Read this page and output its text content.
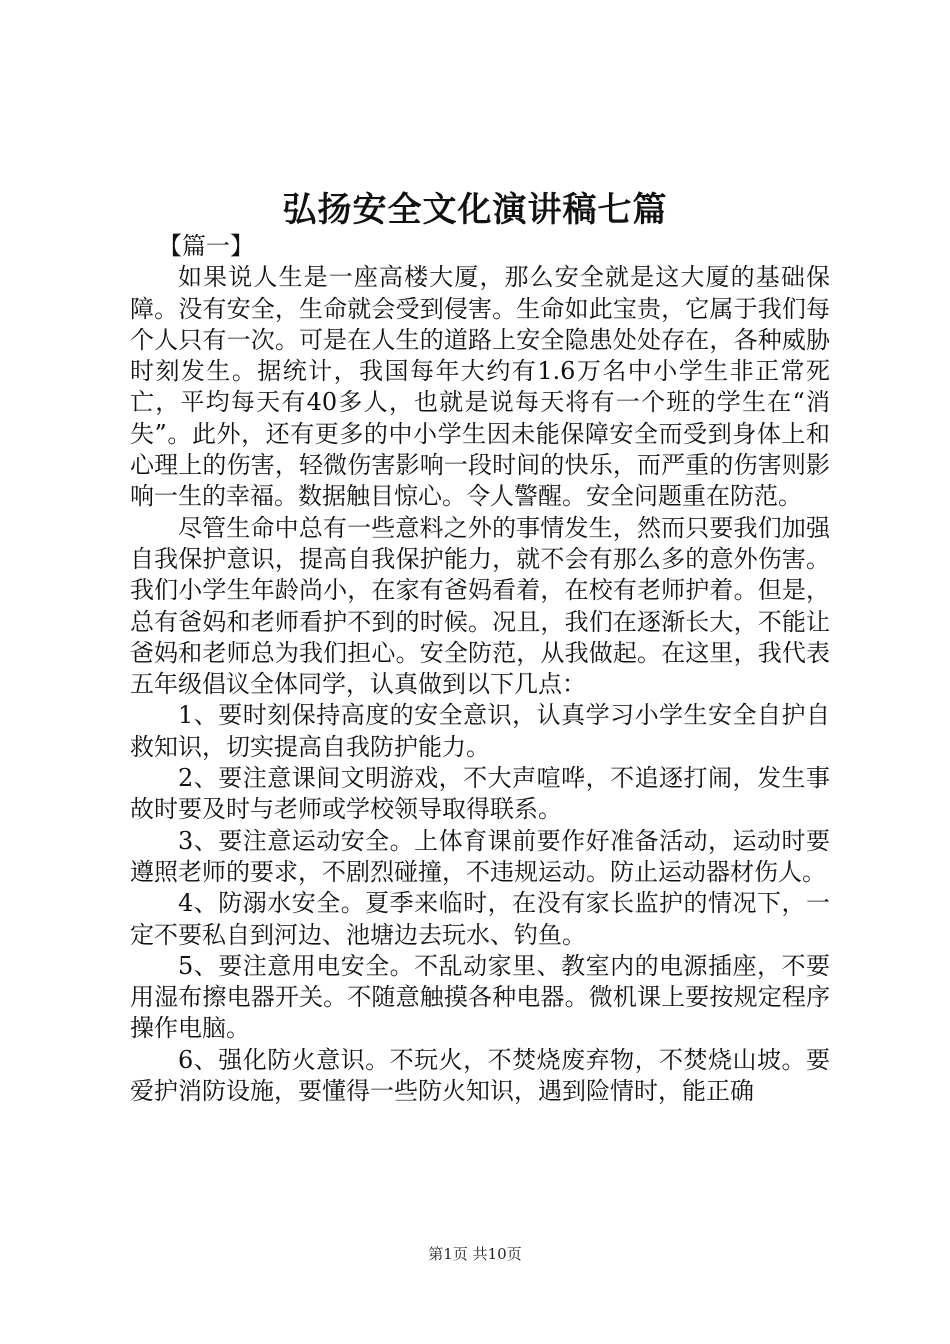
弘扬安全文化演讲稿七篇

【篇一】

如果说人生是一座高楼大厦，那么安全就是这大厦的基础保障。没有安全，生命就会受到侵害。生命如此宝贵，它属于我们每个人只有一次。可是在人生的道路上安全隐患处处存在，各种威胁时刻发生。据统计，我国每年大约有1.6万名中小学生非正常死亡，平均每天有40多人，也就是说每天将有一个班的学生在“消失”。此外，还有更多的中小学生因未能保障安全而受到身体上和心理上的伤害，轻微伤害影响一段时间的快乐，而严重的伤害则影响一生的幸福。数据触目惊心。令人警醒。安全问题重在防范。

尽管生命中总有一些意料之外的事情发生，然而只要我们加强自我保护意识，提高自我保护能力，就不会有那么多的意外伤害。我们小学生年龄尚小，在家有爸妈看着，在校有老师护着。但是，总有爸妈和老师看护不到的时候。况且，我们在逐渐长大，不能让爸妈和老师总为我们担心。安全防范，从我做起。在这里，我代表五年级倡议全体同学，认真做到以下几点：

1、要时刻保持高度的安全意识，认真学习小学生安全自护自救知识，切实提高自我防护能力。

2、要注意课间文明游戏，不大声喧哗，不追逐打闹，发生事故时要及时与老师或学校领导取得联系。

3、要注意运动安全。上体育课前要作好准备活动，运动时要遵照老师的要求，不剧烈碰撞，不违规运动。防止运动器材伤人。

4、防溺水安全。夏季来临时，在没有家长监护的情况下，一定不要私自到河边、池塘边去玩水、钓鱼。

5、要注意用电安全。不乱动家里、教室内的电源插座，不要用湿布擦电器开关。不随意触摸各种电器。微机课上要按规定程序操作电脑。

6、强化防火意识。不玩火，不焚烧废弃物，不焚烧山坡。要爱护消防设施，要懂得一些防火知识，遇到险情时，能正确

第1页 共10页
